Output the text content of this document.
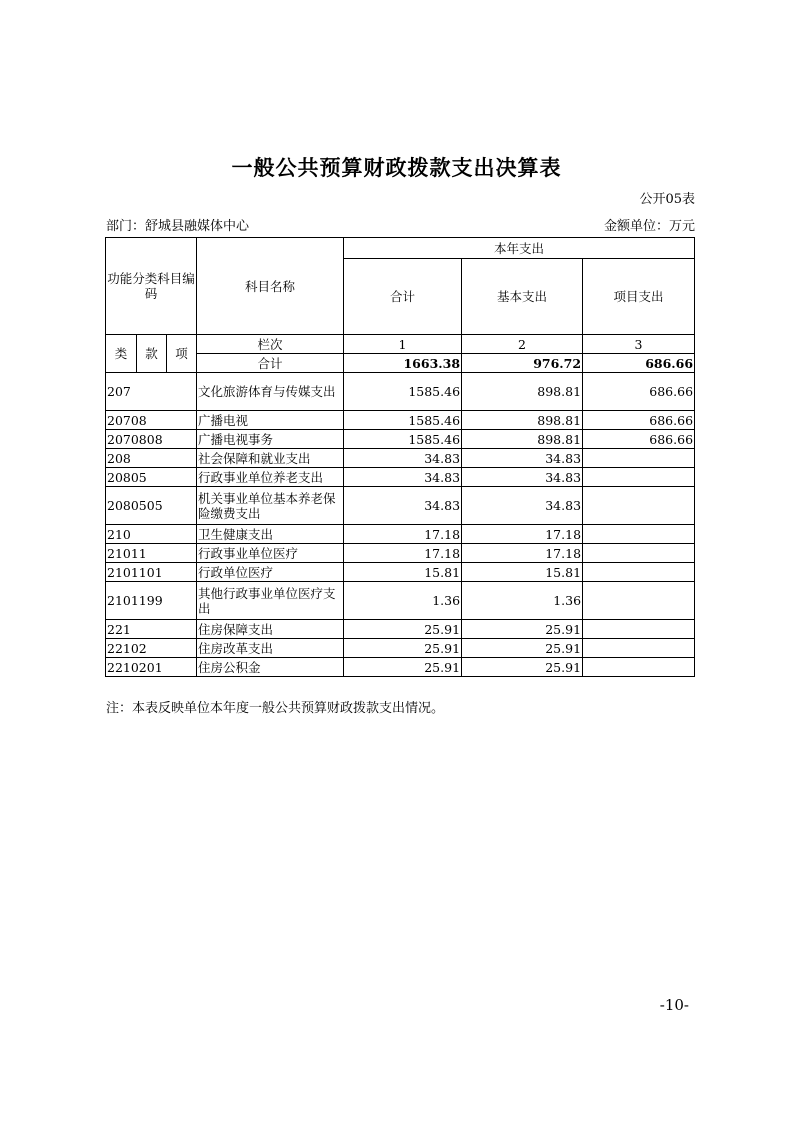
一般公共预算财政拨款支出决算表
公开05表
部门：舒城县融媒体中心	金额单位：万元
功能分类科目编码			科目名称	本年支出		
				合计	基本支出	项目支出

类	款	项	栏次	1	2	3
			合计	1663.38	976.72	686.66
207			文化旅游体育与传媒支出	1585.46	898.81	686.66
20708			广播电视	1585.46	898.81	686.66
2070808			广播电视事务	1585.46	898.81	686.66
208			社会保障和就业支出	34.83	34.83	
20805			行政事业单位养老支出	34.83	34.83	
2080505			机关事业单位基本养老保险缴费支出	34.83	34.83	
210			卫生健康支出	17.18	17.18	
21011			行政事业单位医疗	17.18	17.18	
2101101			行政单位医疗	15.81	15.81	
2101199			其他行政事业单位医疗支出	1.36	1.36	
221			住房保障支出	25.91	25.91	
22102			住房改革支出	25.91	25.91	
2210201			住房公积金	25.91	25.91	
注：本表反映单位本年度一般公共预算财政拨款支出情况。
-10-
